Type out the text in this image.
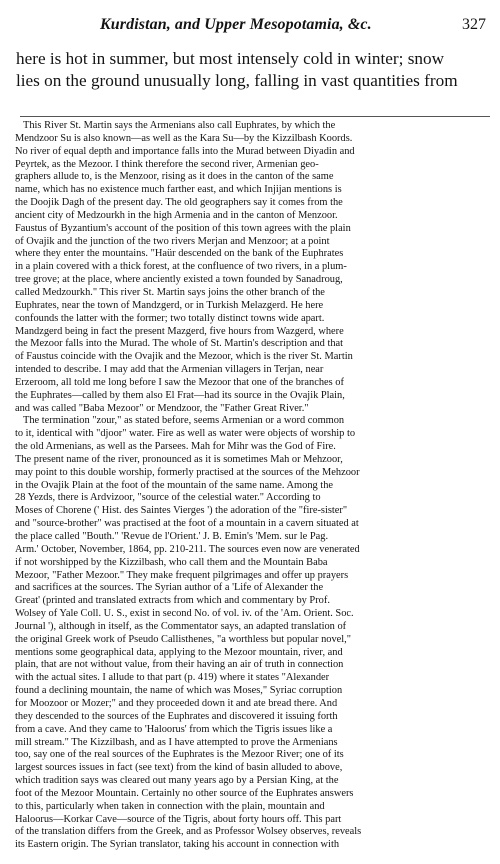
Kurdistan, and Upper Mesopotamia, &c.	327

here is hot in summer, but most intensely cold in winter; snow
lies on the ground unusually long, falling in vast quantities from

This River St. Martin says the Armenians also call Euphrates, by which the
Mendzoor Su is also known—as well as the Kara Su—by the Kizzilbash Koords.
No river of equal depth and importance falls into the Murad between Diyadin and
Peyrtek, as the Mezoor. I think therefore the second river, Armenian geo-
graphers allude to, is the Menzoor, rising as it does in the canton of the same
name, which has no existence much farther east, and which Injijan mentions is
the Doojik Dagh of the present day. The old geographers say it comes from the
ancient city of Medzourkh in the high Armenia and in the canton of Menzoor.
Faustus of Byzantium's account of the position of this town agrees with the plain
of Ovajik and the junction of the two rivers Merjan and Menzoor; at a point
where they enter the mountains. "Haür descended on the bank of the Euphrates
in a plain covered with a thick forest, at the confluence of two rivers, in a plum-
tree grove; at the place, where anciently existed a town founded by Sanadroug,
called Medzourkh." This river St. Martin says joins the other branch of the
Euphrates, near the town of Mandzgerd, or in Turkish Melazgerd. He here
confounds the latter with the former; two totally distinct towns wide apart.
Mandzgerd being in fact the present Mazgerd, five hours from Wazgerd, where
the Mezoor falls into the Murad. The whole of St. Martin's description and that
of Faustus coincide with the Ovajik and the Mezoor, which is the river St. Martin
intended to describe. I may add that the Armenian villagers in Terjan, near
Erzeroom, all told me long before I saw the Mezoor that one of the branches of
the Euphrates—called by them also El Frat—had its source in the Ovajik Plain,
and was called "Baba Mezoor" or Mendzoor, the "Father Great River."
The termination "zour," as stated before, seems Armenian or a word common
to it, identical with "djoor" water. Fire as well as water were objects of worship to
the old Armenians, as well as the Parsees. Mah for Mihr was the God of Fire.
The present name of the river, pronounced as it is sometimes Mah or Mehzoor,
may point to this double worship, formerly practised at the sources of the Mehzoor
in the Ovajik Plain at the foot of the mountain of the same name. Among the
28 Yezds, there is Ardvizoor, "source of the celestial water." According to
Moses of Chorene (' Hist. des Saintes Vierges ') the adoration of the "fire-sister"
and "source-brother" was practised at the foot of a mountain in a cavern situated at
the place called "Bouth." 'Revue de l'Orient.' J. B. Emin's 'Mem. sur le Pag.
Arm.' October, November, 1864, pp. 210-211. The sources even now are venerated
if not worshipped by the Kizzilbash, who call them and the Mountain Baba
Mezoor, "Father Mezoor." They make frequent pilgrimages and offer up prayers
and sacrifices at the sources. The Syrian author of a 'Life of Alexander the
Great' (printed and translated extracts from which and commentary by Prof.
Wolsey of Yale Coll. U. S., exist in second No. of vol. iv. of the 'Am. Orient. Soc.
Journal '), although in itself, as the Commentator says, an adapted translation of
the original Greek work of Pseudo Callisthenes, "a worthless but popular novel,"
mentions some geographical data, applying to the Mezoor mountain, river, and
plain, that are not without value, from their having an air of truth in connection
with the actual sites. I allude to that part (p. 419) where it states "Alexander
found a declining mountain, the name of which was Moses," Syriac corruption
for Moozoor or Mozer;" and they proceeded down it and ate bread there. And
they descended to the sources of the Euphrates and discovered it issuing forth
from a cave. And they came to 'Haloorus' from which the Tigris issues like a
mill stream." The Kizzilbash, and as I have attempted to prove the Armenians
too, say one of the real sources of the Euphrates is the Mezoor River; one of its
largest sources issues in fact (see text) from the kind of basin alluded to above,
which tradition says was cleared out many years ago by a Persian King, at the
foot of the Mezoor Mountain. Certainly no other source of the Euphrates answers
to this, particularly when taken in connection with the plain, mountain and
Haloorus—Korkar Cave—source of the Tigris, about forty hours off. This part
of the translation differs from the Greek, and as Professor Wolsey observes, reveals
its Eastern origin. The Syrian translator, taking his account in connection with
